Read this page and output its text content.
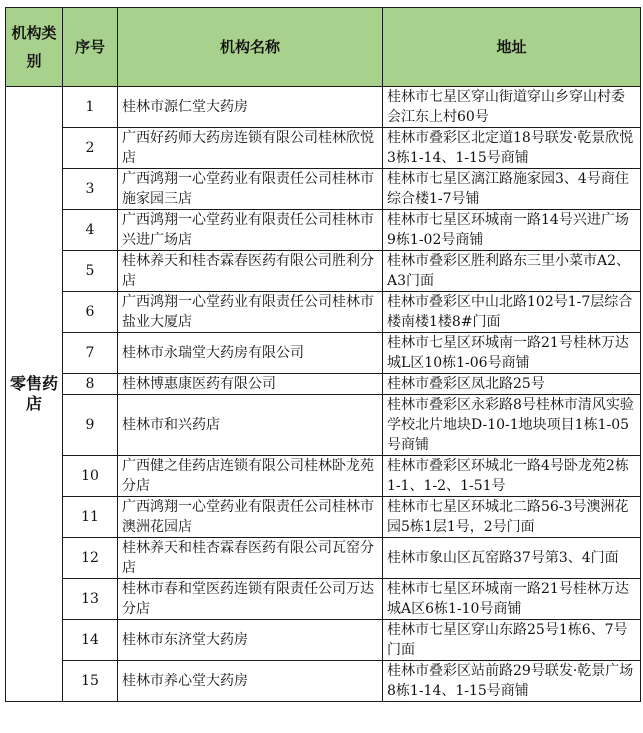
机构类别	序号	机构名称	地址
零售药店	1	桂林市源仁堂大药房	桂林市七星区穿山街道穿山乡穿山村委会江东上村60号
	2	广西好药师大药房连锁有限公司桂林欣悦店	桂林市叠彩区北定道18号联发·乾景欣悦3栋1-14、1-15号商铺
	3	广西鸿翔一心堂药业有限责任公司桂林市施家园三店	桂林市七星区漓江路施家园3、4号商住综合楼1-7号铺
	4	广西鸿翔一心堂药业有限责任公司桂林市兴进广场店	桂林市七星区环城南一路14号兴进广场9栋1-02号商铺
	5	桂林养天和桂杏霖春医药有限公司胜利分店	桂林市叠彩区胜利路东三里小菜市A2、A3门面
	6	广西鸿翔一心堂药业有限责任公司桂林市盐业大厦店	桂林市叠彩区中山北路102号1-7层综合楼南楼1楼8#门面
	7	桂林市永瑞堂大药房有限公司	桂林市七星区环城南一路21号桂林万达城L区10栋1-06号商铺
	8	桂林博惠康医药有限公司	桂林市叠彩区凤北路25号
	9	桂林市和兴药店	桂林市叠彩区永彩路8号桂林市清风实验学校北片地块D-10-1地块项目1栋1-05号商铺
	10	广西健之佳药店连锁有限公司桂林卧龙苑分店	桂林市叠彩区环城北一路4号卧龙苑2栋1-1、1-2、1-51号
	11	广西鸿翔一心堂药业有限责任公司桂林市澳洲花园店	桂林市七星区环城北二路56-3号澳洲花园5栋1层1号，2号门面
	12	桂林养天和桂杏霖春医药有限公司瓦窑分店	桂林市象山区瓦窑路37号第3、4门面
	13	桂林市春和堂医药连锁有限责任公司万达分店	桂林市七星区环城南一路21号桂林万达城A区6栋1-10号商铺
	14	桂林市东济堂大药房	桂林市七星区穿山东路25号1栋6、7号门面
	15	桂林市养心堂大药房	桂林市叠彩区站前路29号联发·乾景广场8栋1-14、1-15号商铺
